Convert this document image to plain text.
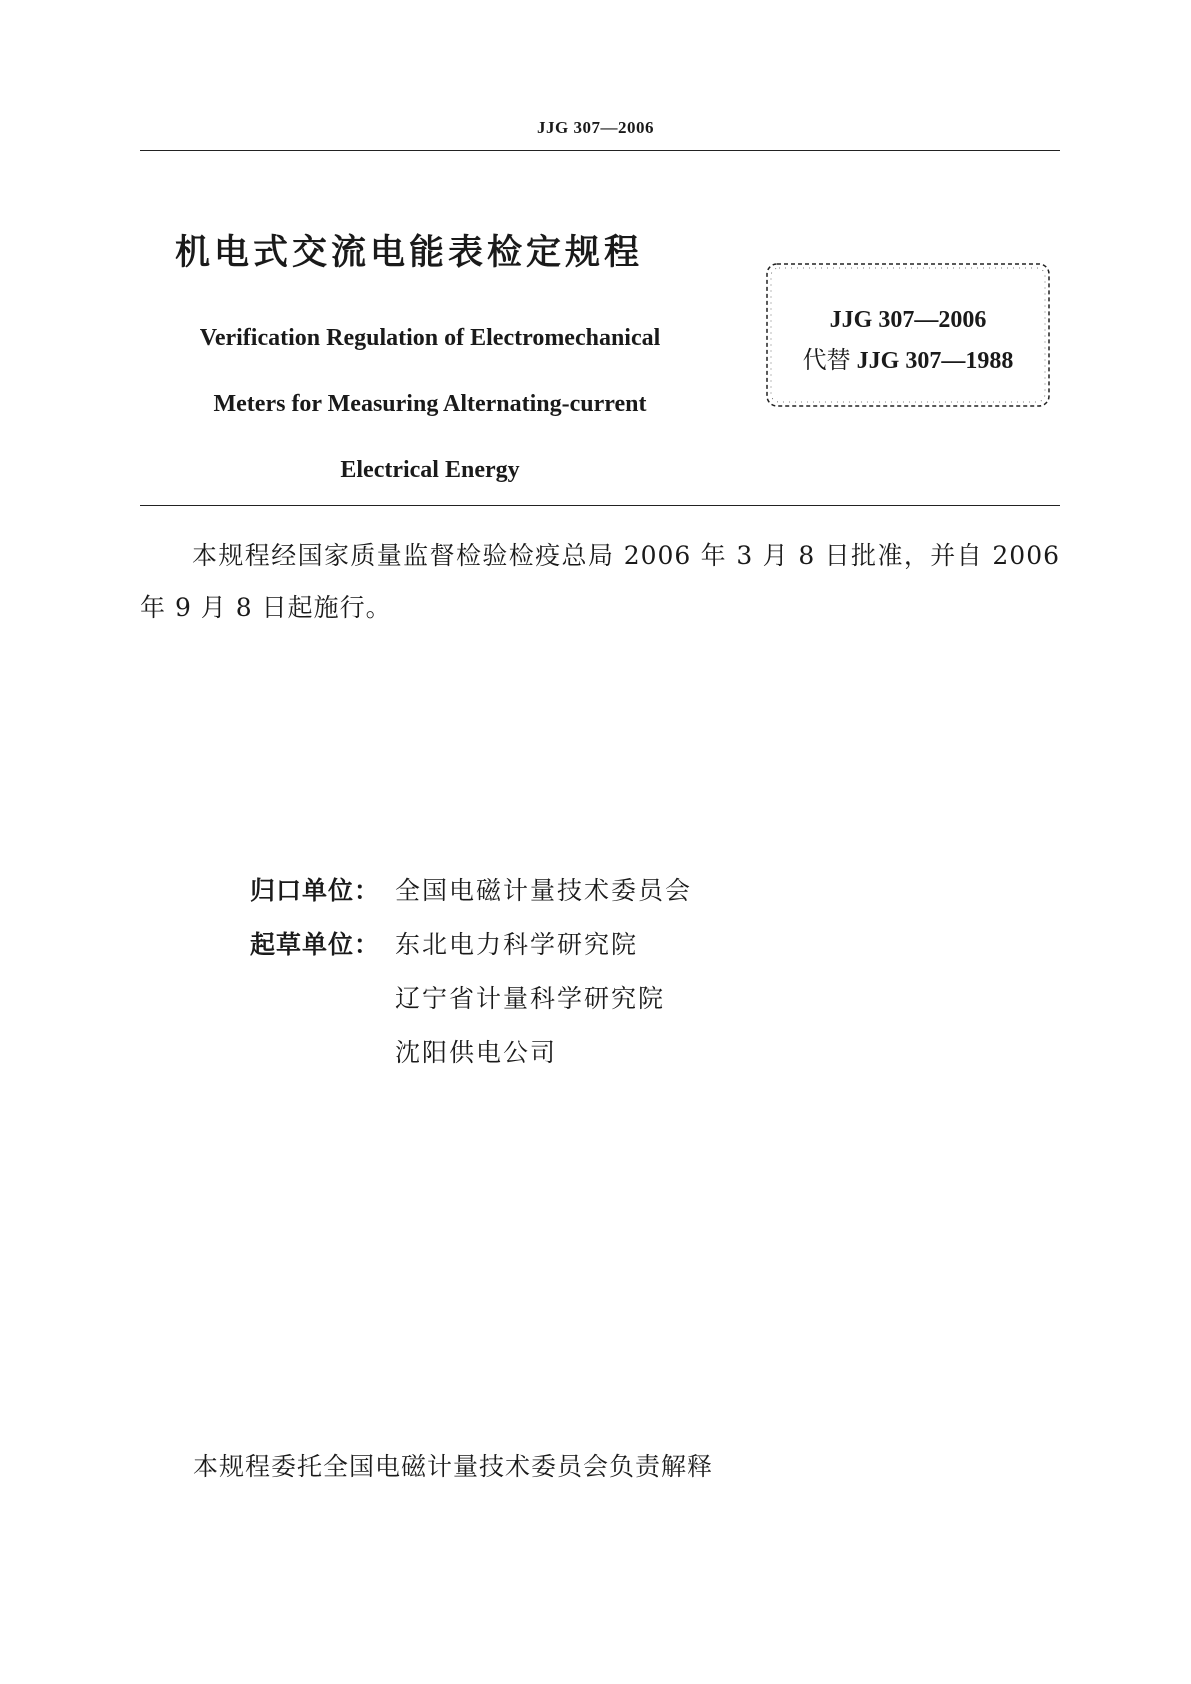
JJG 307—2006
机电式交流电能表检定规程
Verification Regulation of Electromechanical
Meters for Measuring Alternating-current
Electrical Energy
JJG 307—2006
代替 JJG 307—1988
本规程经国家质量监督检验检疫总局 2006 年 3 月 8 日批准，并自 2006 年 9 月 8 日起施行。
归口单位： 全国电磁计量技术委员会
起草单位： 东北电力科学研究院
辽宁省计量科学研究院
沈阳供电公司
本规程委托全国电磁计量技术委员会负责解释
